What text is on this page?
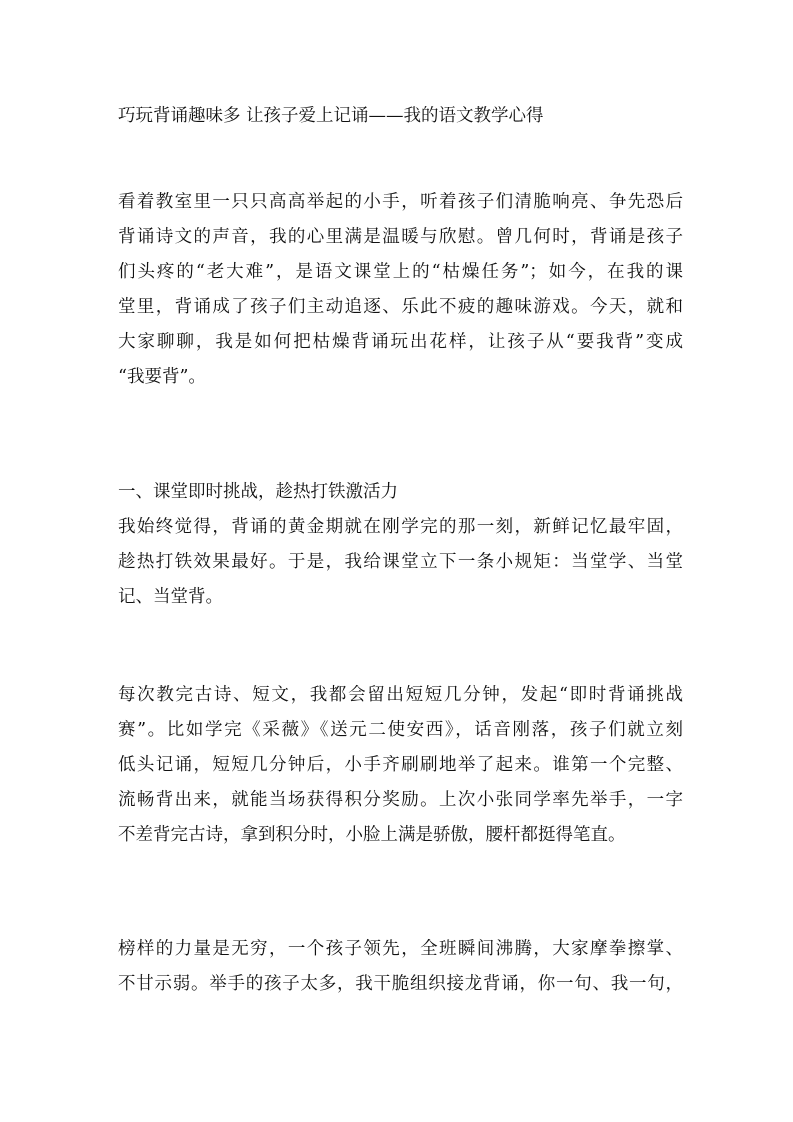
巧玩背诵趣味多 让孩子爱上记诵——我的语文教学心得
看着教室里一只只高高举起的小手，听着孩子们清脆响亮、争先恐后
背诵诗文的声音，我的心里满是温暖与欣慰。曾几何时，背诵是孩子
们头疼的“老大难”，是语文课堂上的“枯燥任务”；如今，在我的课
堂里，背诵成了孩子们主动追逐、乐此不疲的趣味游戏。今天，就和
大家聊聊，我是如何把枯燥背诵玩出花样，让孩子从“要我背”变成
“我要背”。
一、课堂即时挑战，趁热打铁激活力
我始终觉得，背诵的黄金期就在刚学完的那一刻，新鲜记忆最牢固，
趁热打铁效果最好。于是，我给课堂立下一条小规矩：当堂学、当堂
记、当堂背。
每次教完古诗、短文，我都会留出短短几分钟，发起“即时背诵挑战
赛”。比如学完《采薇》《送元二使安西》，话音刚落，孩子们就立刻
低头记诵，短短几分钟后，小手齐刷刷地举了起来。谁第一个完整、
流畅背出来，就能当场获得积分奖励。上次小张同学率先举手，一字
不差背完古诗，拿到积分时，小脸上满是骄傲，腰杆都挺得笔直。
榜样的力量是无穷，一个孩子领先，全班瞬间沸腾，大家摩拳擦掌、
不甘示弱。举手的孩子太多，我干脆组织接龙背诵，你一句、我一句，
